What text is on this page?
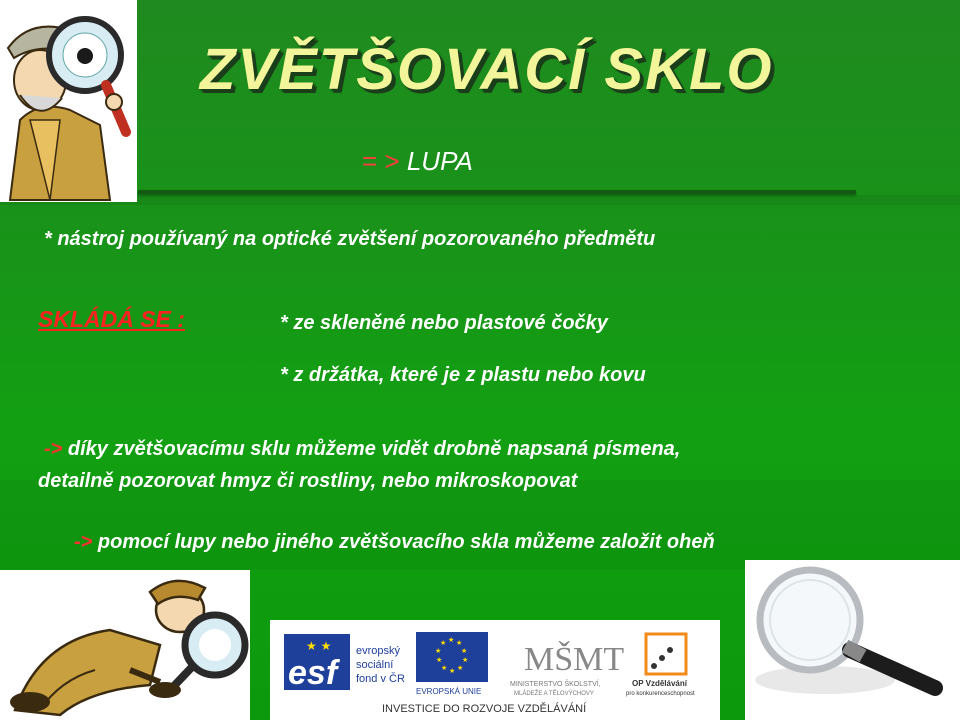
ZVĚTŠOVACÍ SKLO
= > LUPA
* nástroj používaný na optické zvětšení pozorovaného předmětu
SKLÁDÁ SE :	* ze skleněné nebo plastové čočky
* z držátka, které je z plastu nebo kovu
-> díky zvětšovacímu sklu můžeme vidět drobně napsaná písmena,
detailně pozorovat hmyz či rostliny, nebo mikroskopovat
-> pomocí lupy nebo jiného zvětšovacího skla můžeme založit oheň
esf
★ ★ evropský
sociální
fond v ČR
★ ★
★
★
★
★
★
★
★
★
EVROPSKÁ UNIE
MŠMT
MINISTERSTVO ŠKOLSTVÍ,
MLÁDEŽE A TĚLOVÝCHOVY
OP Vzdělávání
pro konkurenceschopnost
INVESTICE DO ROZVOJE VZDĚLÁVÁNÍ
